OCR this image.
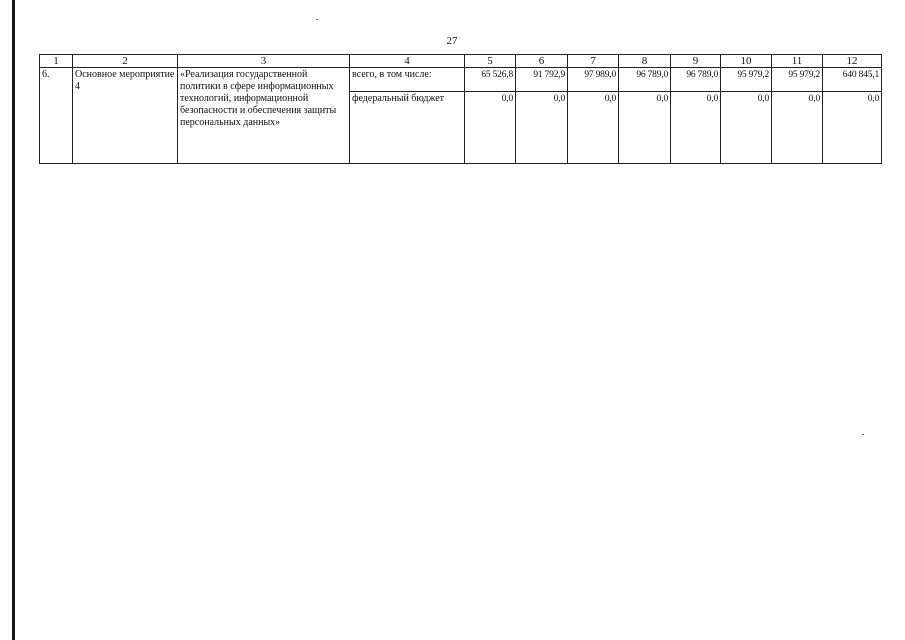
27
1	2	3	4	5	6	7	8	9	10	11	12
6.	Основное мероприятие 4	«Реализация государственной политики в сфере информационных технологий, информационной безопасности и обеспечения защиты персональных данных»	всего, в том числе:	65 526,8	91 792,9	97 989,0	96 789,0	96 789,0	95 979,2	95 979,2	640 845,1
			федеральный бюджет	0,0	0,0	0,0	0,0	0,0	0,0	0,0	0,0
